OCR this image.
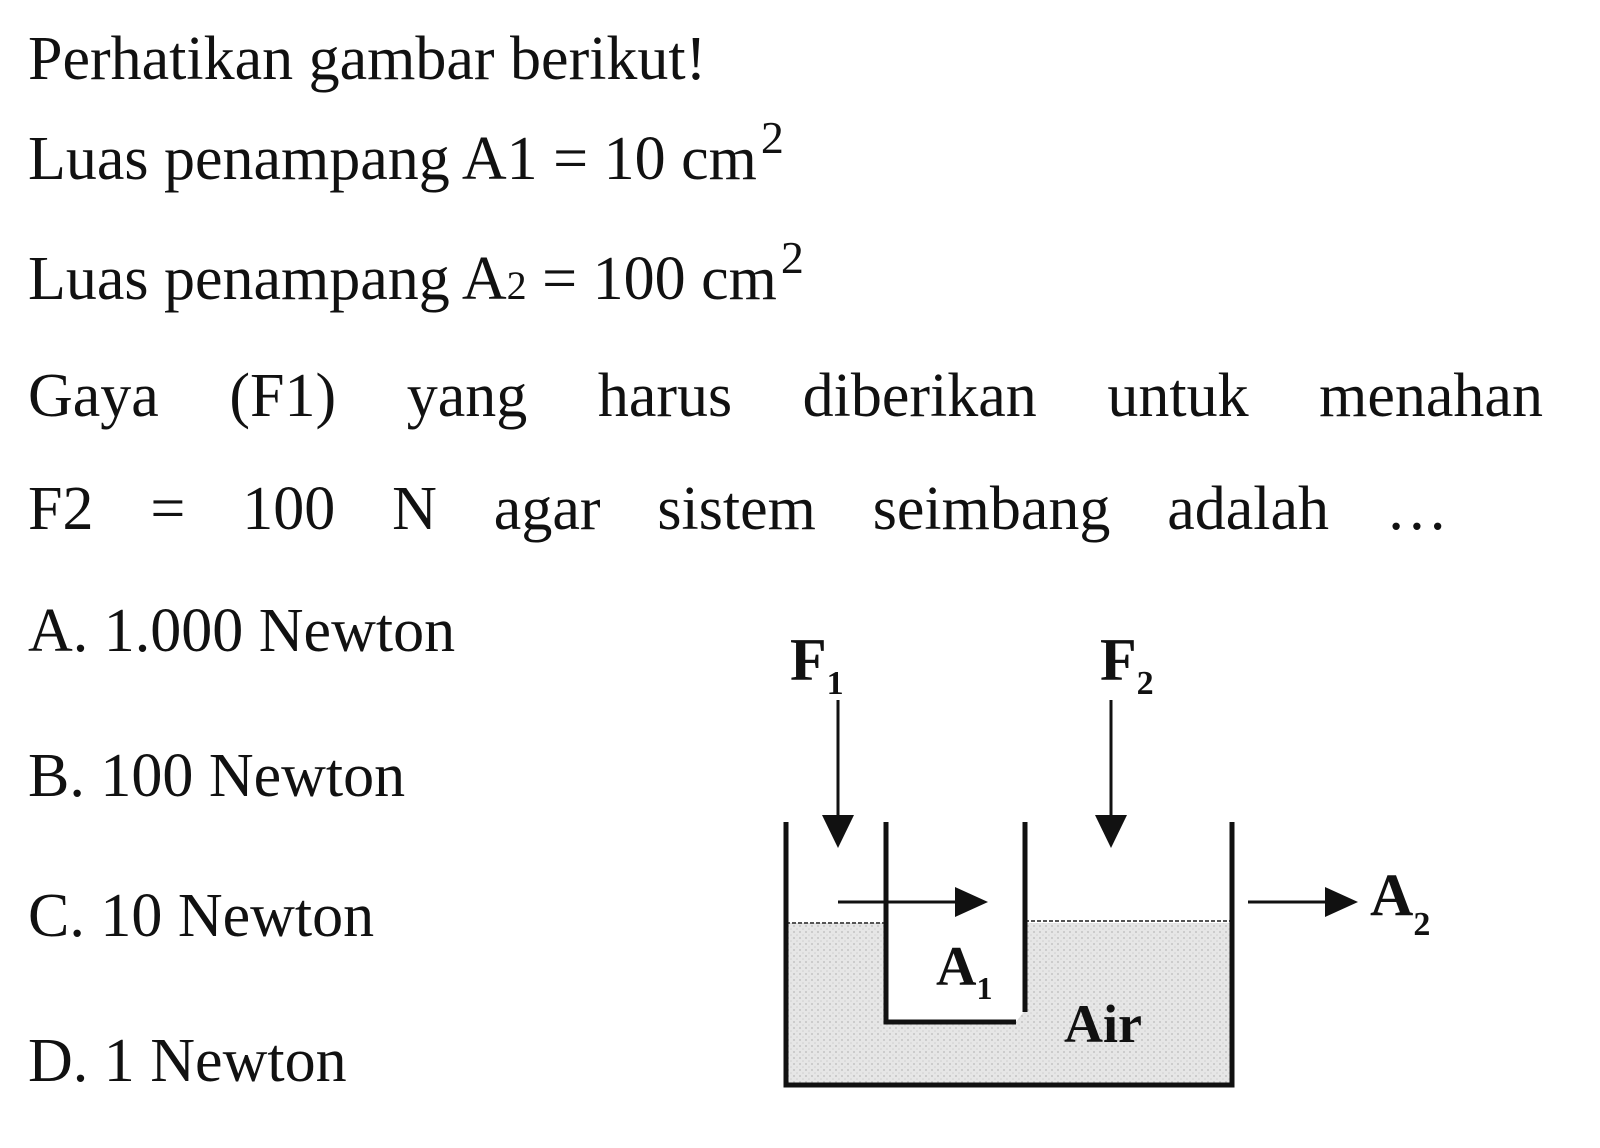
Perhatikan gambar berikut!
Luas penampang A1 = 10 $cm^2$
Luas penampang A2 = 100 $cm^2$
Gaya (F1) yang harus diberikan untuk menahan
F2 = 100 N agar sistem seimbang adalah …
A. 1.000 Newton
B. 100 Newton
C. 10 Newton
D. 1 Newton
$F_1$	$F_2$
$A_1$
$A_2$
Air
